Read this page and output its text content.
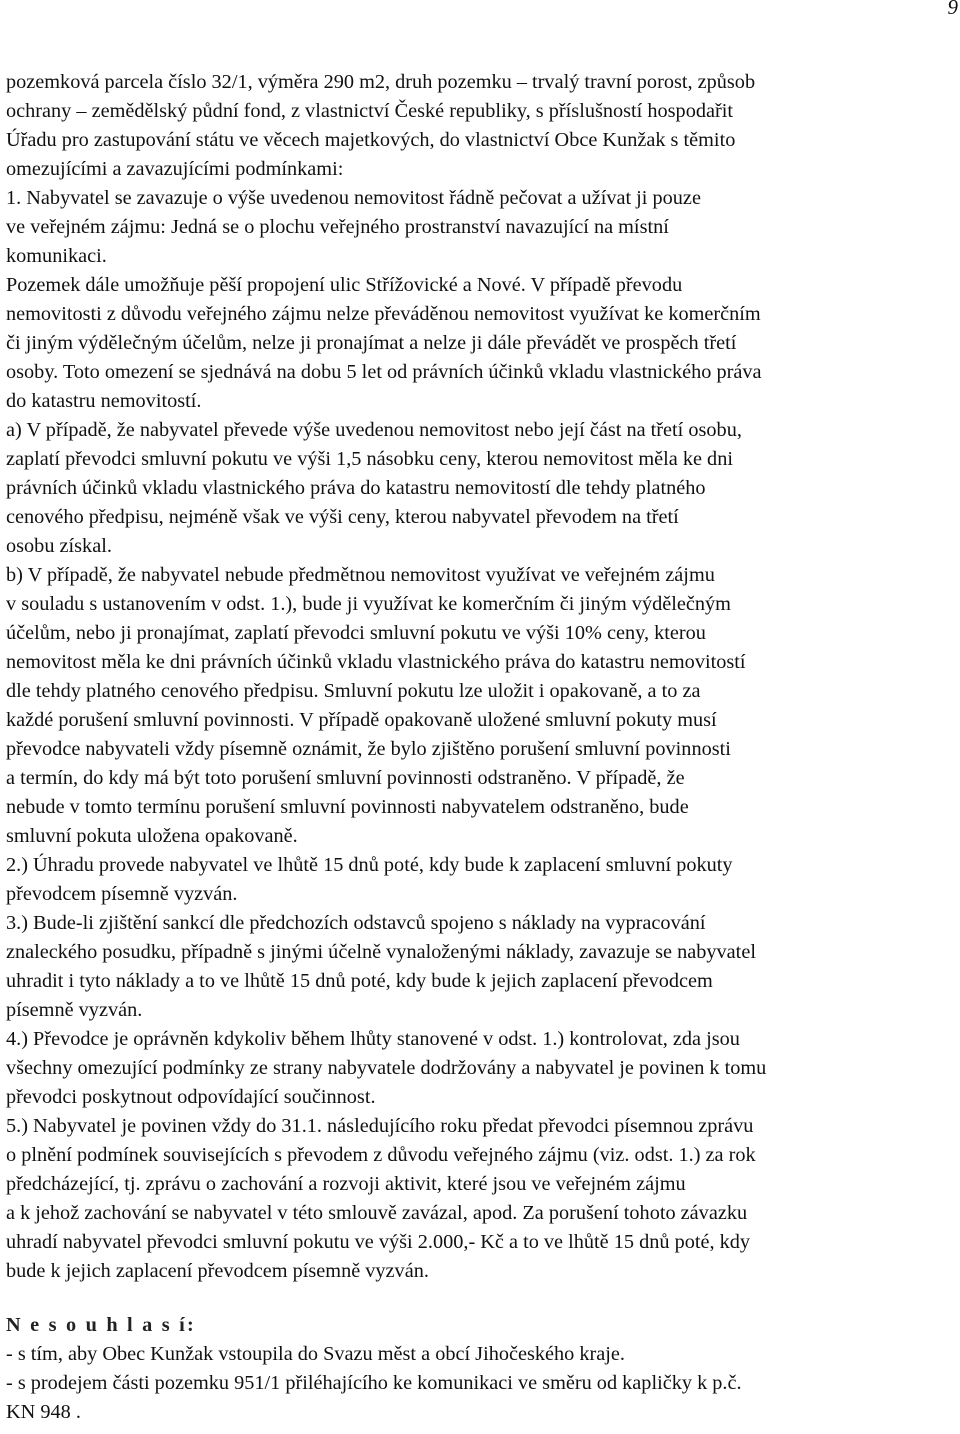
9
pozemková parcela číslo 32/1, výměra 290 m2, druh pozemku – trvalý travní porost, způsob
ochrany – zemědělský půdní fond, z vlastnictví České republiky, s příslušností hospodařit
Úřadu pro zastupování státu ve věcech majetkových, do vlastnictví Obce Kunžak s těmito
omezujícími a zavazujícími podmínkami:
1. Nabyvatel se zavazuje o výše uvedenou nemovitost řádně pečovat a užívat ji pouze
ve veřejném zájmu: Jedná se o plochu veřejného prostranství navazující na místní
komunikaci.
Pozemek dále umožňuje pěší propojení ulic Střížovické a Nové. V případě převodu
nemovitosti z důvodu veřejného zájmu nelze převáděnou nemovitost využívat ke komerčním
či jiným výdělečným účelům, nelze ji pronajímat a nelze ji dále převádět ve prospěch třetí
osoby. Toto omezení se sjednává na dobu 5 let od právních účinků vkladu vlastnického práva
do katastru nemovitostí.
a) V případě, že nabyvatel převede výše uvedenou nemovitost nebo její část na třetí osobu,
zaplatí převodci smluvní pokutu ve výši 1,5 násobku ceny, kterou nemovitost měla ke dni
právních účinků vkladu vlastnického práva do katastru nemovitostí dle tehdy platného
cenového předpisu, nejméně však ve výši ceny, kterou nabyvatel převodem na třetí
osobu získal.
b) V případě, že nabyvatel nebude předmětnou nemovitost využívat ve veřejném zájmu
v souladu s ustanovením v odst. 1.), bude ji využívat ke komerčním či jiným výdělečným
účelům, nebo ji pronajímat, zaplatí převodci smluvní pokutu ve výši 10% ceny, kterou
nemovitost měla ke dni právních účinků vkladu vlastnického práva do katastru nemovitostí
dle tehdy platného cenového předpisu. Smluvní pokutu lze uložit i opakovaně, a to za
každé porušení smluvní povinnosti. V případě opakovaně uložené smluvní pokuty musí
převodce nabyvateli vždy písemně oznámit, že bylo zjištěno porušení smluvní povinnosti
a termín, do kdy má být toto porušení smluvní povinnosti odstraněno. V případě, že
nebude v tomto termínu porušení smluvní povinnosti nabyvatelem odstraněno, bude
smluvní pokuta uložena opakovaně.
2.) Úhradu provede nabyvatel ve lhůtě 15 dnů poté, kdy bude k zaplacení smluvní pokuty
převodcem písemně vyzván.
3.) Bude-li zjištění sankcí dle předchozích odstavců spojeno s náklady na vypracování
znaleckého posudku, případně s jinými účelně vynaloženými náklady, zavazuje se nabyvatel
uhradit i tyto náklady a to ve lhůtě 15 dnů poté, kdy bude k jejich zaplacení převodcem
písemně vyzván.
4.) Převodce je oprávněn kdykoliv během lhůty stanovené v odst. 1.) kontrolovat, zda jsou
všechny omezující podmínky ze strany nabyvatele dodržovány a nabyvatel je povinen k tomu
převodci poskytnout odpovídající součinnost.
5.) Nabyvatel je povinen vždy do 31.1. následujícího roku předat převodci písemnou zprávu
o plnění podmínek souvisejících s převodem z důvodu veřejného zájmu (viz. odst. 1.) za rok
předcházející, tj. zprávu o zachování a rozvoji aktivit, které jsou ve veřejném zájmu
a k jehož zachování se nabyvatel v této smlouvě zavázal, apod. Za porušení tohoto závazku
uhradí nabyvatel převodci smluvní pokutu ve výši 2.000,- Kč a to ve lhůtě 15 dnů poté, kdy
bude k jejich zaplacení převodcem písemně vyzván.
N e s o u h l a s í:
- s tím, aby Obec Kunžak vstoupila do Svazu měst a obcí Jihočeského kraje.
- s prodejem části pozemku 951/1 přiléhajícího ke komunikaci ve směru od kapličky k p.č.
KN 948 .
